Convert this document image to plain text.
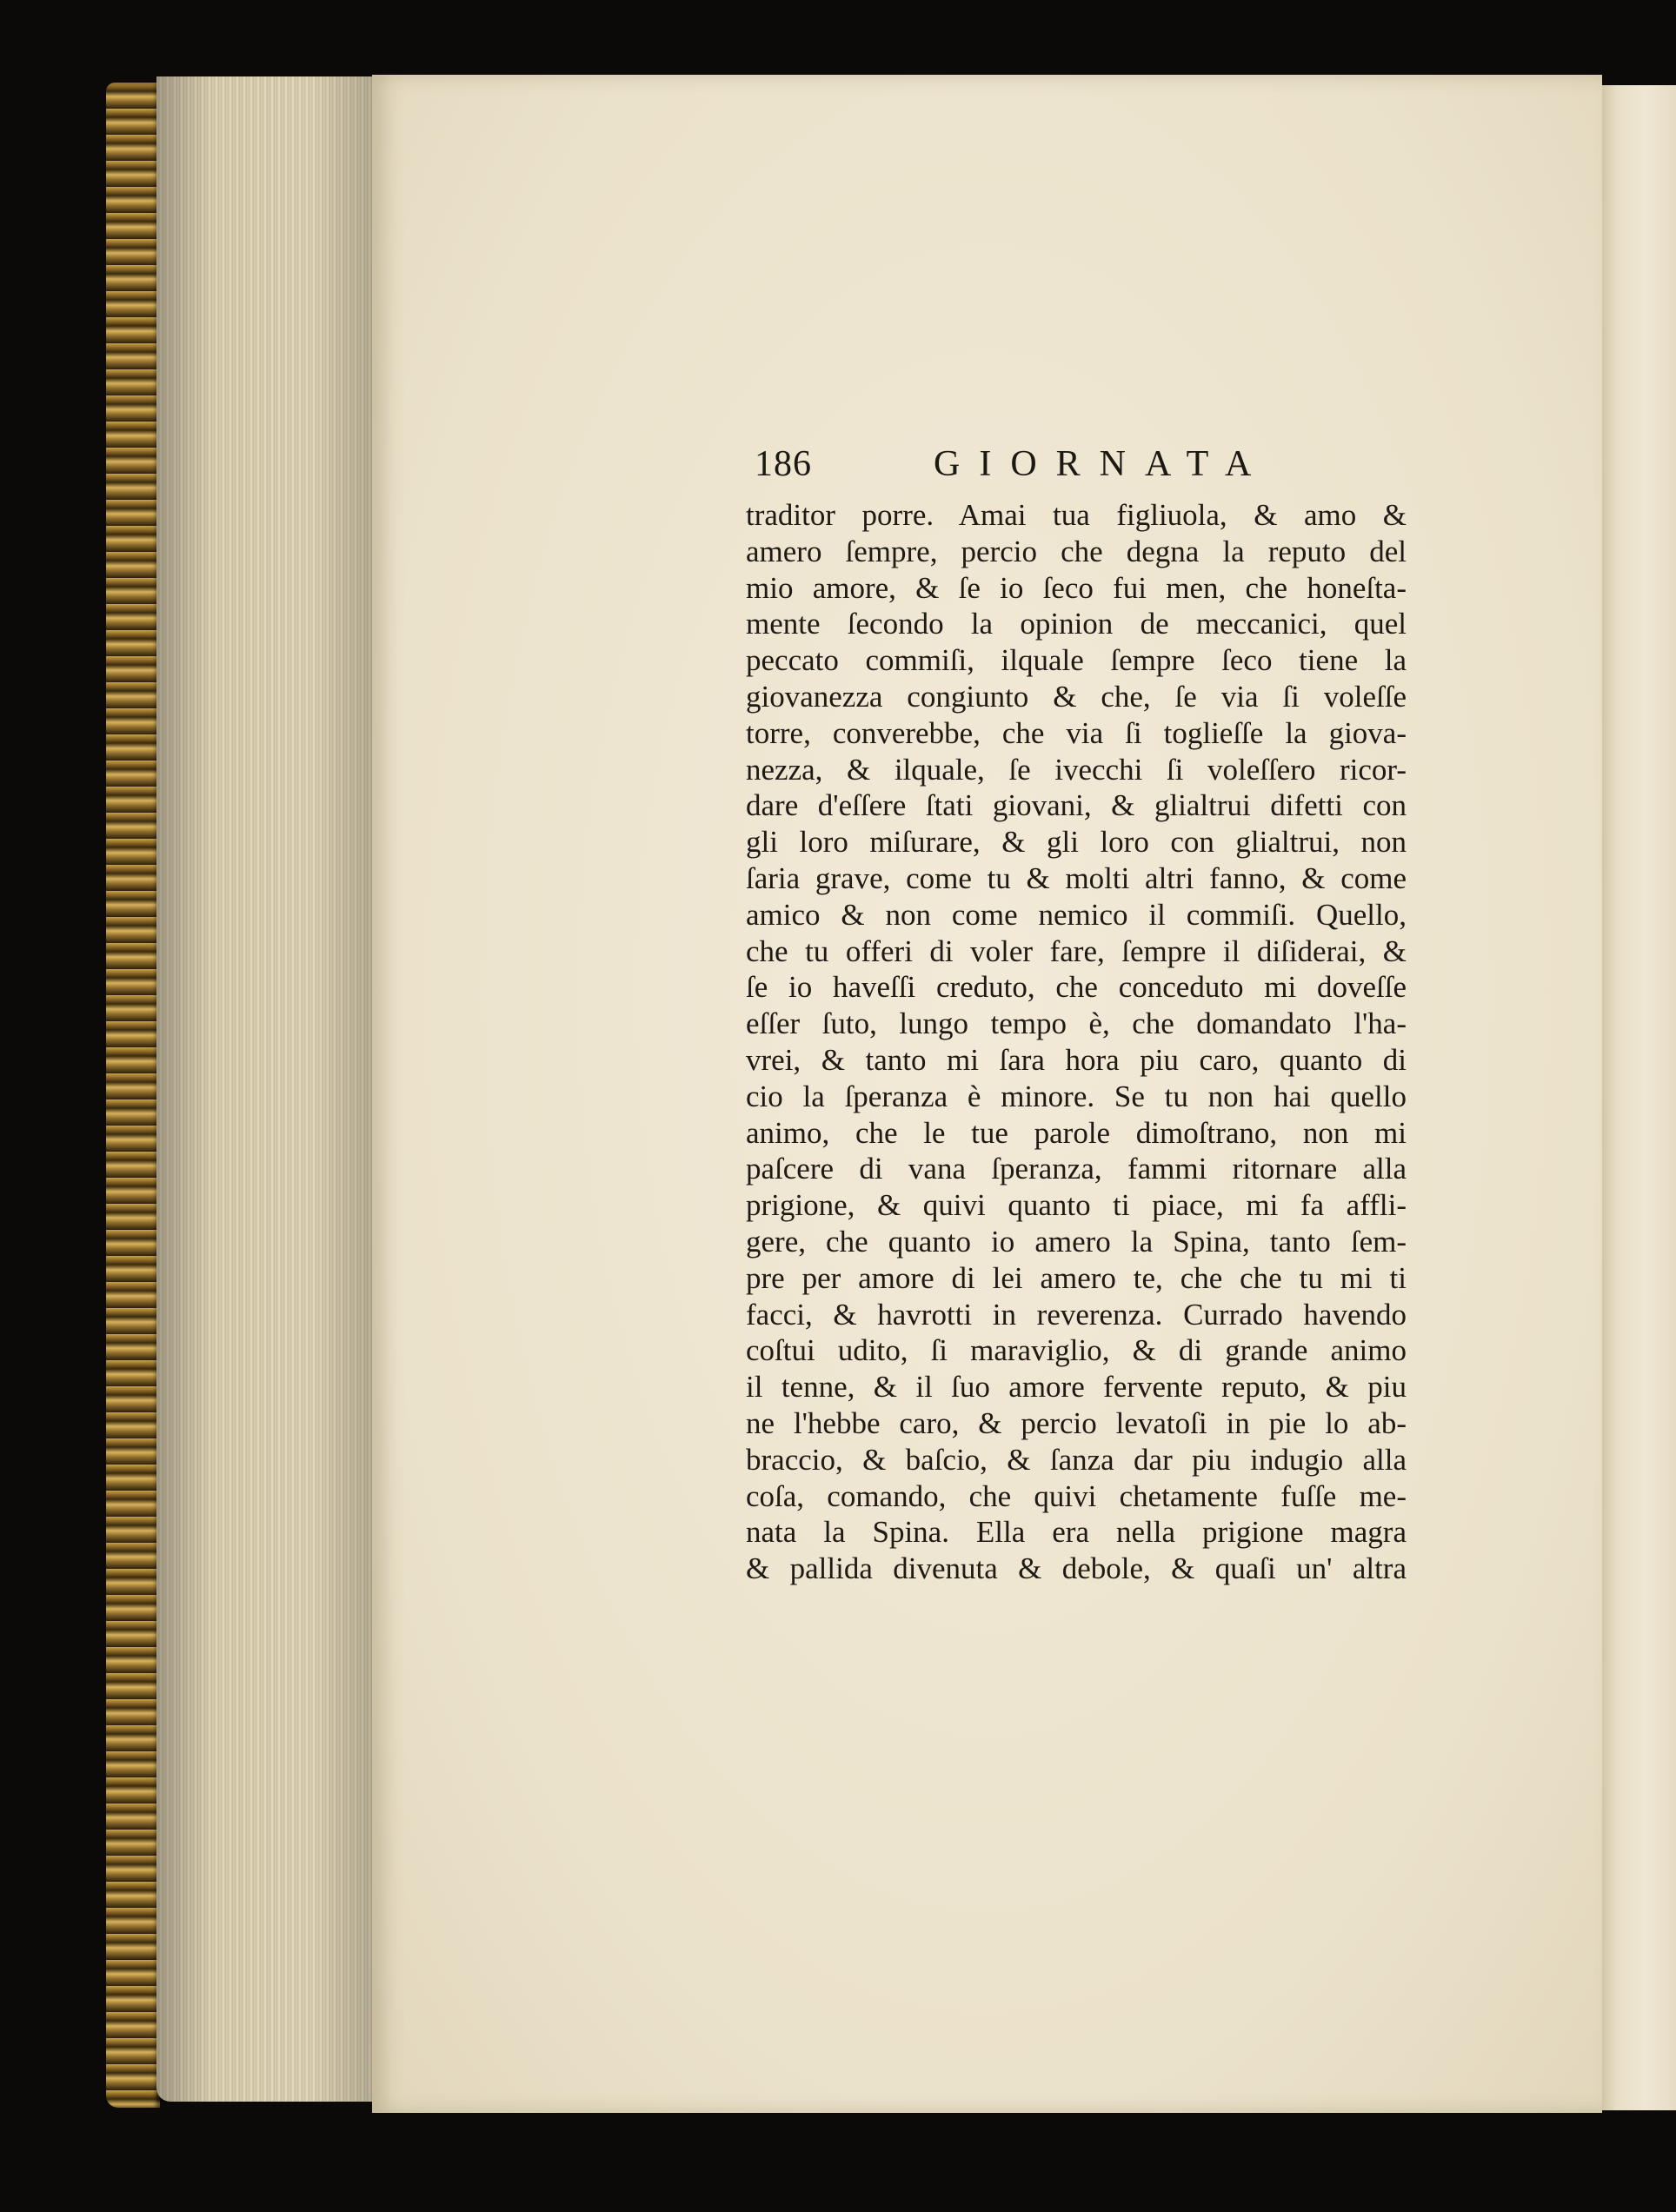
186	GIORNATA
traditor porre. Amai tua figliuola, & amo &
amero ſempre, percio che degna la reputo del
mio amore, & ſe io ſeco fui men, che honeſta-
mente ſecondo la opinion de meccanici, quel
peccato commiſi, ilquale ſempre ſeco tiene la
giovanezza congiunto & che, ſe via ſi voleſſe
torre, converebbe, che via ſi toglieſſe la giova-
nezza, & ilquale, ſe ivecchi ſi voleſſero ricor-
dare d'eſſere ſtati giovani, & glialtrui difetti con
gli loro miſurare, & gli loro con glialtrui, non
ſaria grave, come tu & molti altri fanno, & come
amico & non come nemico il commiſi. Quello,
che tu offeri di voler fare, ſempre il diſiderai, &
ſe io haveſſi creduto, che conceduto mi doveſſe
eſſer ſuto, lungo tempo è, che domandato l'ha-
vrei, & tanto mi ſara hora piu caro, quanto di
cio la ſperanza è minore. Se tu non hai quello
animo, che le tue parole dimoſtrano, non mi
paſcere di vana ſperanza, fammi ritornare alla
prigione, & quivi quanto ti piace, mi fa affli-
gere, che quanto io amero la Spina, tanto ſem-
pre per amore di lei amero te, che che tu mi ti
facci, & havrotti in reverenza. Currado havendo
coſtui udito, ſi maraviglio, & di grande animo
il tenne, & il ſuo amore fervente reputo, & piu
ne l'hebbe caro, & percio levatoſi in pie lo ab-
braccio, & baſcio, & ſanza dar piu indugio alla
coſa, comando, che quivi chetamente fuſſe me-
nata la Spina. Ella era nella prigione magra
& pallida divenuta & debole, & quaſi un' altra
